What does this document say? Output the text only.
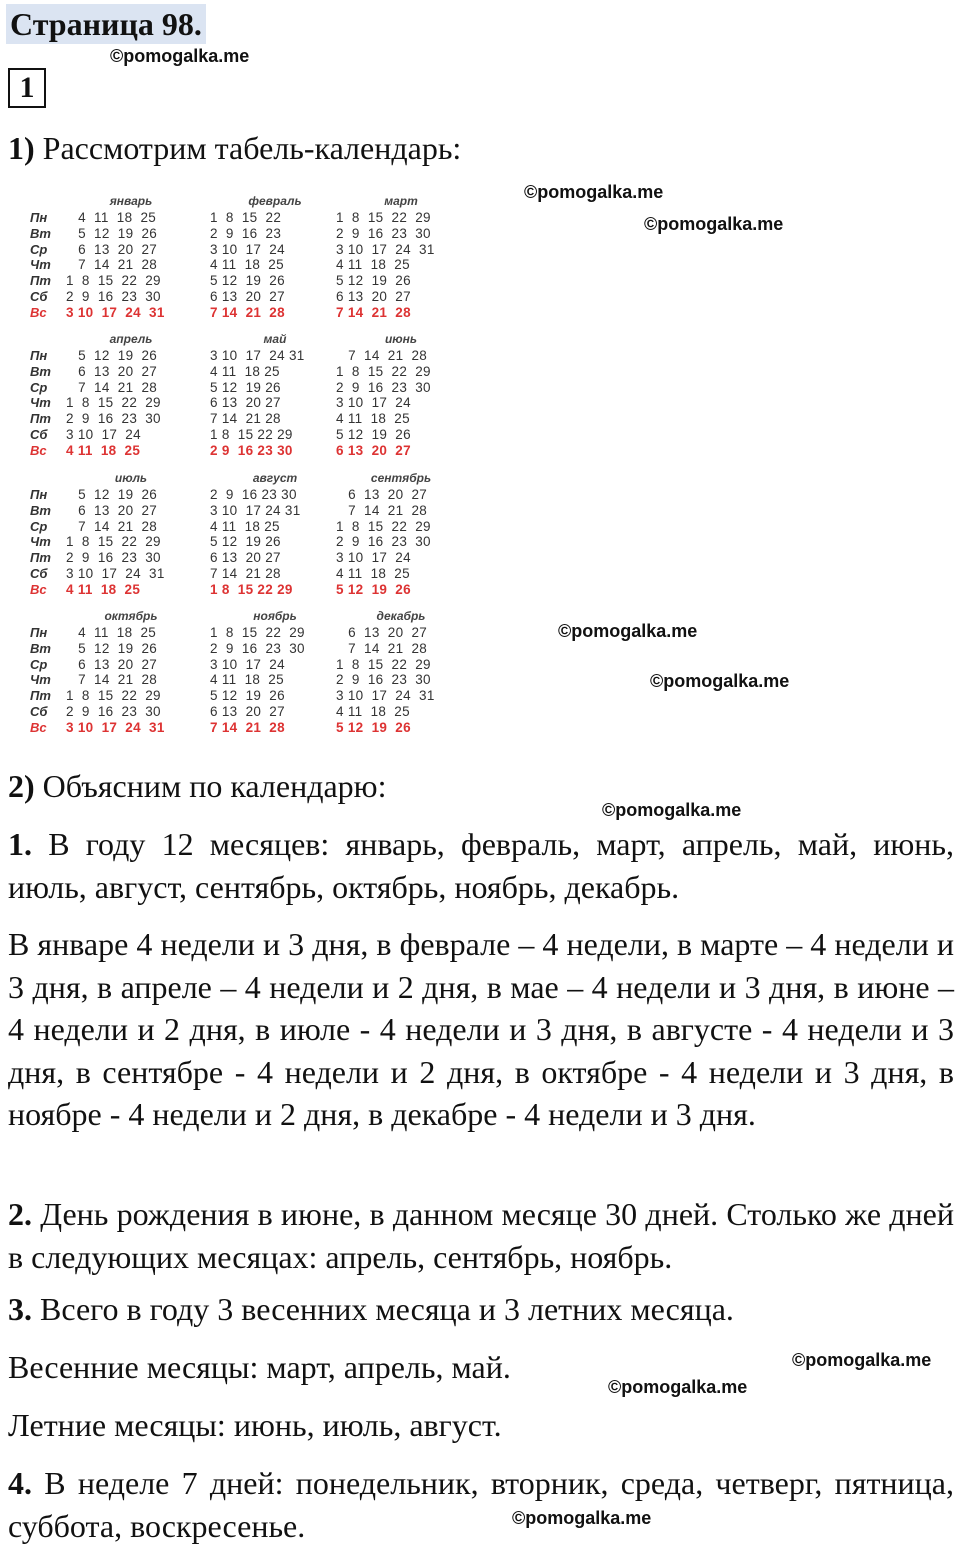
Страница 98.
©pomogalka.me
1
1) Рассмотрим табель-календарь:
©pomogalka.me
©pomogalka.me
Пн
Вт
Ср
Чт
Пт
Сб
Вс
январь
4  11  18  25
5  12  19  26
6  13  20  27
7  14  21  28
1  8  15  22  29
2  9  16  23  30
3 10  17  24  31
февраль
1  8  15  22
2  9  16  23
3 10  17  24
4 11  18  25
5 12  19  26
6 13  20  27
7 14  21  28
март
1  8  15  22  29
2  9  16  23  30
3 10  17  24  31
4 11  18  25
5 12  19  26
6 13  20  27
7 14  21  28
Пн
Вт
Ср
Чт
Пт
Сб
Вс
апрель
5  12  19  26
6  13  20  27
7  14  21  28
1  8  15  22  29
2  9  16  23  30
3 10  17  24
4 11  18  25
май
3 10  17  24 31
4 11  18 25
5 12  19 26
6 13  20 27
7 14  21 28
1 8  15 22 29
2 9  16 23 30
июнь
7  14  21  28
1  8  15  22  29
2  9  16  23  30
3 10  17  24
4 11  18  25
5 12  19  26
6 13  20  27
Пн
Вт
Ср
Чт
Пт
Сб
Вс
июль
5  12  19  26
6  13  20  27
7  14  21  28
1  8  15  22  29
2  9  16  23  30
3 10  17  24  31
4 11  18  25
август
2  9  16 23 30
3 10  17 24 31
4 11  18 25
5 12  19 26
6 13  20 27
7 14  21 28
1 8  15 22 29
сентябрь
6  13  20  27
7  14  21  28
1  8  15  22  29
2  9  16  23  30
3 10  17  24
4 11  18  25
5 12  19  26
Пн
Вт
Ср
Чт
Пт
Сб
Вс
октябрь
4  11  18  25
5  12  19  26
6  13  20  27
7  14  21  28
1  8  15  22  29
2  9  16  23  30
3 10  17  24  31
ноябрь
1  8  15  22  29
2  9  16  23  30
3 10  17  24
4 11  18  25
5 12  19  26
6 13  20  27
7 14  21  28
декабрь
6  13  20  27
7  14  21  28
1  8  15  22  29
2  9  16  23  30
3 10  17  24  31
4 11  18  25
5 12  19  26
©pomogalka.me
©pomogalka.me
2) Объясним по календарю:
©pomogalka.me

1. В году 12 месяцев: январь, февраль, март, апрель, май, июнь, июль, август, сентябрь, октябрь, ноябрь, декабрь.

В январе 4 недели и 3 дня, в феврале – 4 недели, в марте – 4 недели и 3 дня, в апреле – 4 недели и 2 дня, в мае – 4 недели и 3 дня, в июне – 4 недели и 2 дня, в июле - 4 недели и 3 дня, в августе - 4 недели и 3 дня, в сентябре - 4 недели и 2 дня, в октябре - 4 недели и 3 дня, в ноябре - 4 недели и 2 дня, в декабре - 4 недели и 3 дня.

2. День рождения в июне, в данном месяце 30 дней. Столько же дней в следующих месяцах: апрель, сентябрь, ноябрь.

3. Всего в году 3 весенних месяца и 3 летних месяца.

Весенние месяцы: март, апрель, май.	©pomogalka.me
©pomogalka.me

Летние месяцы: июнь, июль, август.

4. В неделе 7 дней: понедельник, вторник, среда, четверг, пятница, суббота, воскресенье.	©pomogalka.me
